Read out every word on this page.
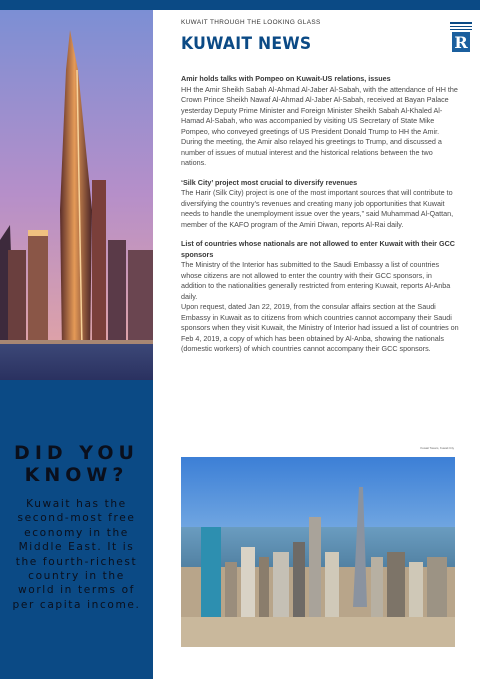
DID YOU
KNOW?
Kuwait has the second-most free economy in the Middle East. It is the fourth-richest country in the world in terms of per capita income.
KUWAIT THROUGH THE LOOKING GLASS
KUWAIT NEWS	R
Amir holds talks with Pompeo on Kuwait-US relations, issues

HH the Amir Sheikh Sabah Al-Ahmad Al-Jaber Al-Sabah, with the attendance of HH the Crown Prince Sheikh Nawaf Al-Ahmad Al-Jaber Al-Sabah, received at Bayan Palace yesterday Deputy Prime Minister and Foreign Minister Sheikh Sabah Al-Khaled Al-Hamad Al-Sabah, who was accompanied by visiting US Secretary of State Mike Pompeo, who conveyed greetings of US President Donald Trump to HH the Amir. During the meeting, the Amir also relayed his greetings to Trump, and discussed a number of issues of mutual interest and the historical relations between the two nations.

‘Silk City’ project most crucial to diversify revenues

The Harir (Silk City) project is one of the most important sources that will contribute to diversifying the country’s revenues and creating many job opportunities that Kuwait needs to handle the unemployment issue over the years,” said Muhammad Al-Qattan, member of the KAFO program of the Amiri Diwan, reports Al-Rai daily.

List of countries whose nationals are not allowed to enter Kuwait with their GCC sponsors

The Ministry of the Interior has submitted to the Saudi Embassy a list of countries whose citizens are not allowed to enter the country with their GCC sponsors, in addition to the nationalities generally restricted from entering Kuwait, reports Al-Anba daily.

Upon request, dated Jan 22, 2019, from the consular affairs section at the Saudi Embassy in Kuwait as to citizens from which countries cannot accompany their Saudi sponsors when they visit Kuwait, the Ministry of Interior had issued a list of countries on Feb 4, 2019, a copy of which has been obtained by Al-Anba, showing the nationals (domestic workers) of which countries cannot accompany their GCC sponsors.

Kuwait Towers, Kuwait City
